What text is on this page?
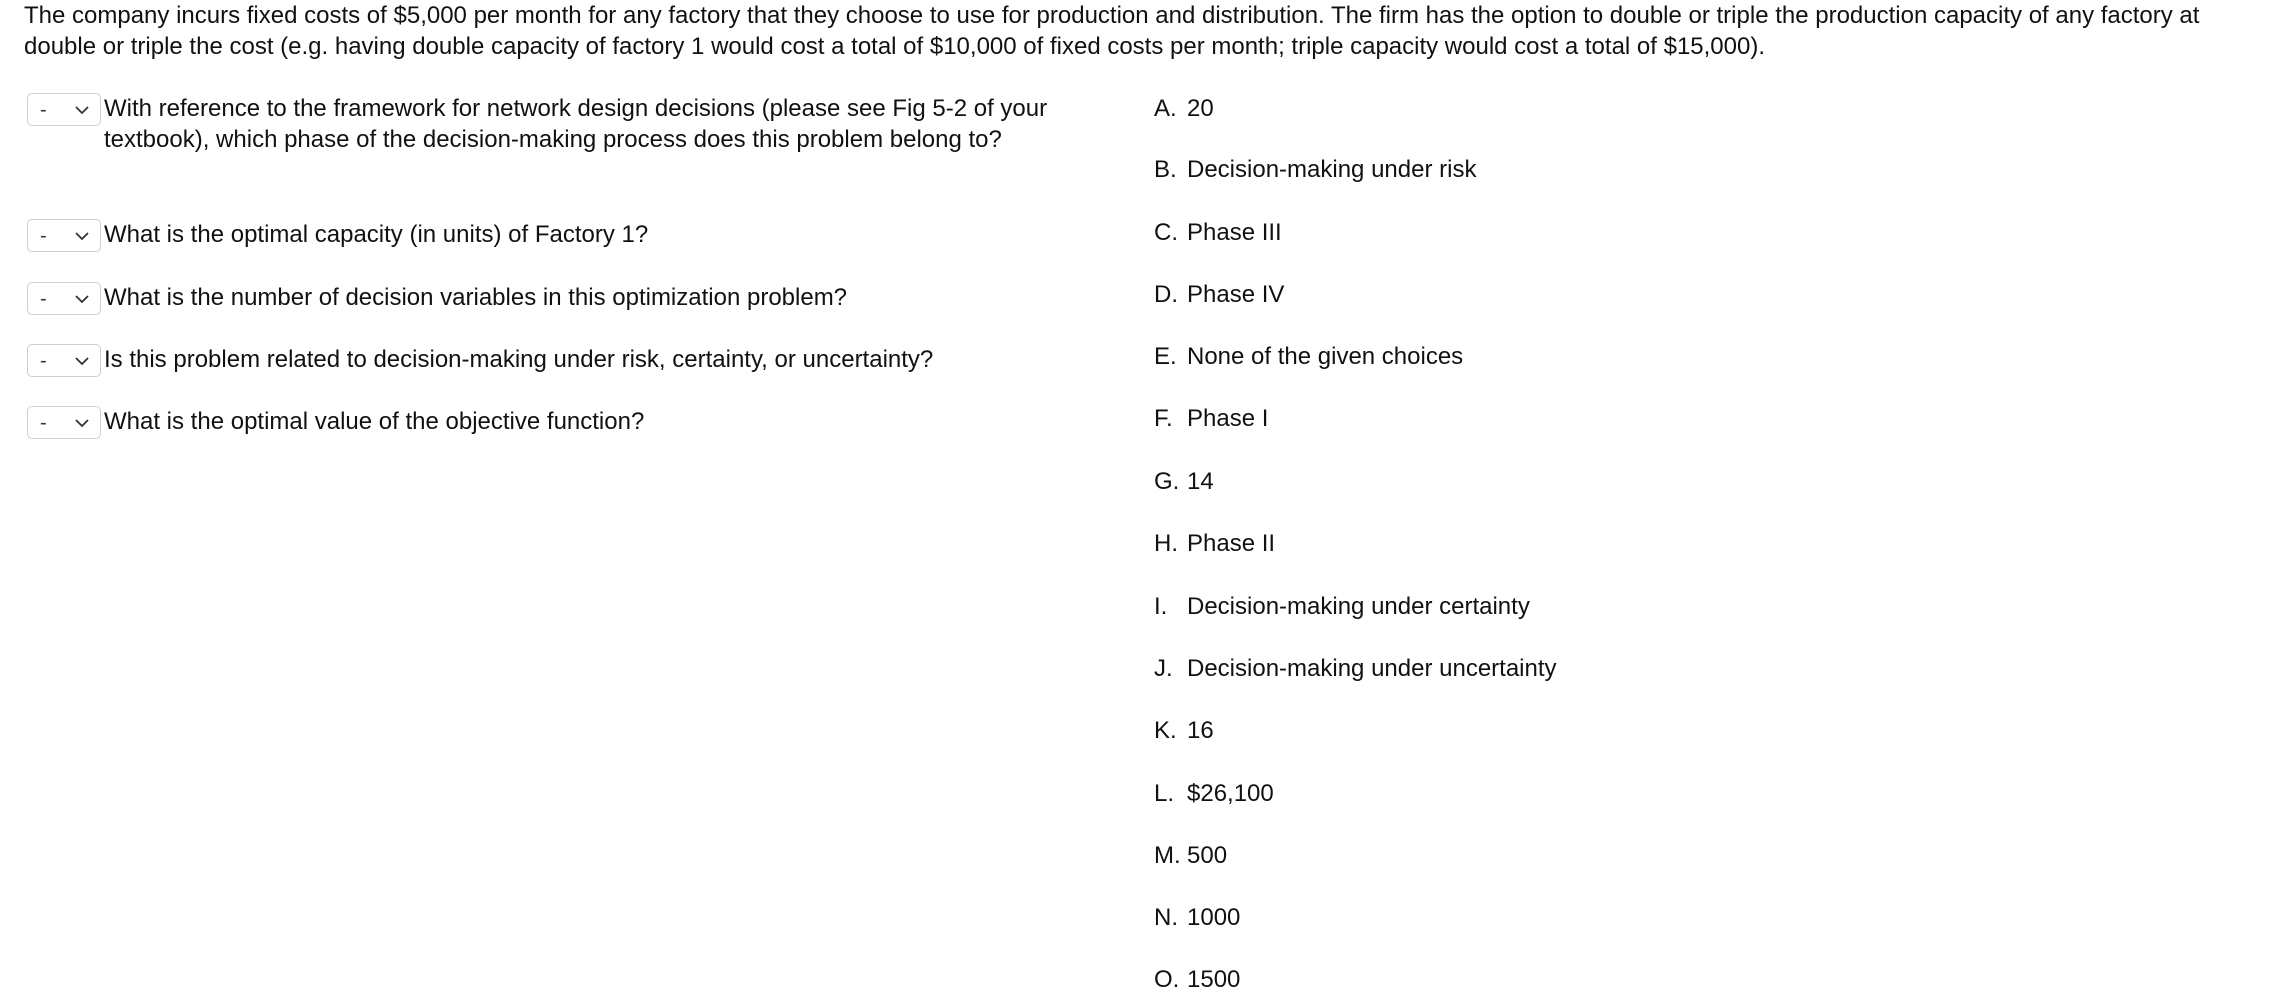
The company incurs fixed costs of $5,000 per month for any factory that they choose to use for production and distribution. The firm has the option to double or triple the production capacity of any factory at double or triple the cost (e.g. having double capacity of factory 1 would cost a total of $10,000 of fixed costs per month; triple capacity would cost a total of $15,000).

- With reference to the framework for network design decisions (please see Fig 5-2 of your textbook), which phase of the decision-making process does this problem belong to?
- What is the optimal capacity (in units) of Factory 1?
- What is the number of decision variables in this optimization problem?
- Is this problem related to decision-making under risk, certainty, or uncertainty?
- What is the optimal value of the objective function?
A. 20
B. Decision-making under risk
C. Phase III
D. Phase IV
E. None of the given choices
F. Phase I
G. 14
H. Phase II
I. Decision-making under certainty
J. Decision-making under uncertainty
K. 16
L. $26,100
M. 500
N. 1000
O. 1500
